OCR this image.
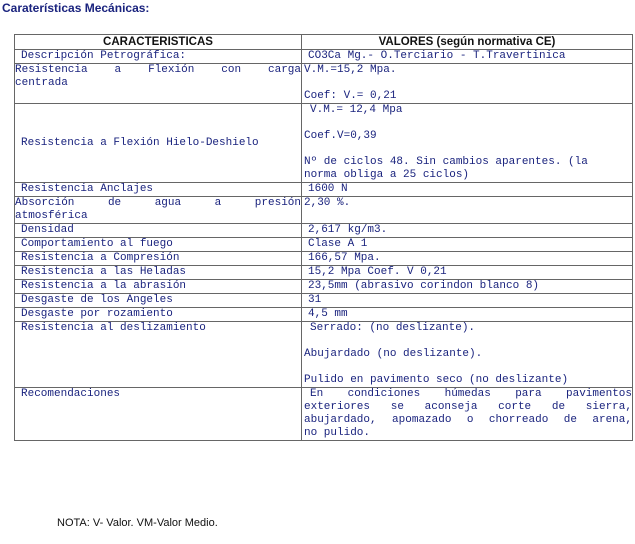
Caraterísticas Mecánicas:
CARACTERISTICAS	VALORES (según normativa CE)
Descripción Petrográfica:	CO3Ca Mg.- O.Terciario - T.Travertinica

Resistencia a Flexión con carga
centrada	V.M.=15,2 Mpa.
Coef: V.= 0,21

Resistencia a Flexión Hielo-Deshielo	V.M.= 12,4 Mpa
Coef.V=0,39
Nº de ciclos 48. Sin cambios aparentes. (la
norma obliga a 25 ciclos)

Resistencia Anclajes	1600 N

Absorción de agua a presión
atmosférica	2,30 %.
Densidad	2,617 kg/m3.
Comportamiento al fuego	Clase A 1
Resistencia a Compresión	166,57 Mpa.
Resistencia a las Heladas	15,2 Mpa Coef. V 0,21
Resistencia a la abrasión	23,5mm (abrasivo corindon blanco 8)
Desgaste de los Angeles	31
Desgaste por rozamiento	4,5 mm
Resistencia al deslizamiento	Serrado: (no deslizante).
Abujardado (no deslizante).
Pulido en pavimento seco (no deslizante)

Recomendaciones	En condiciones húmedas para pavimentos
exteriores se aconseja corte de sierra,
abujardado, apomazado o chorreado de arena,
no pulido.
NOTA: V- Valor. VM-Valor Medio.
